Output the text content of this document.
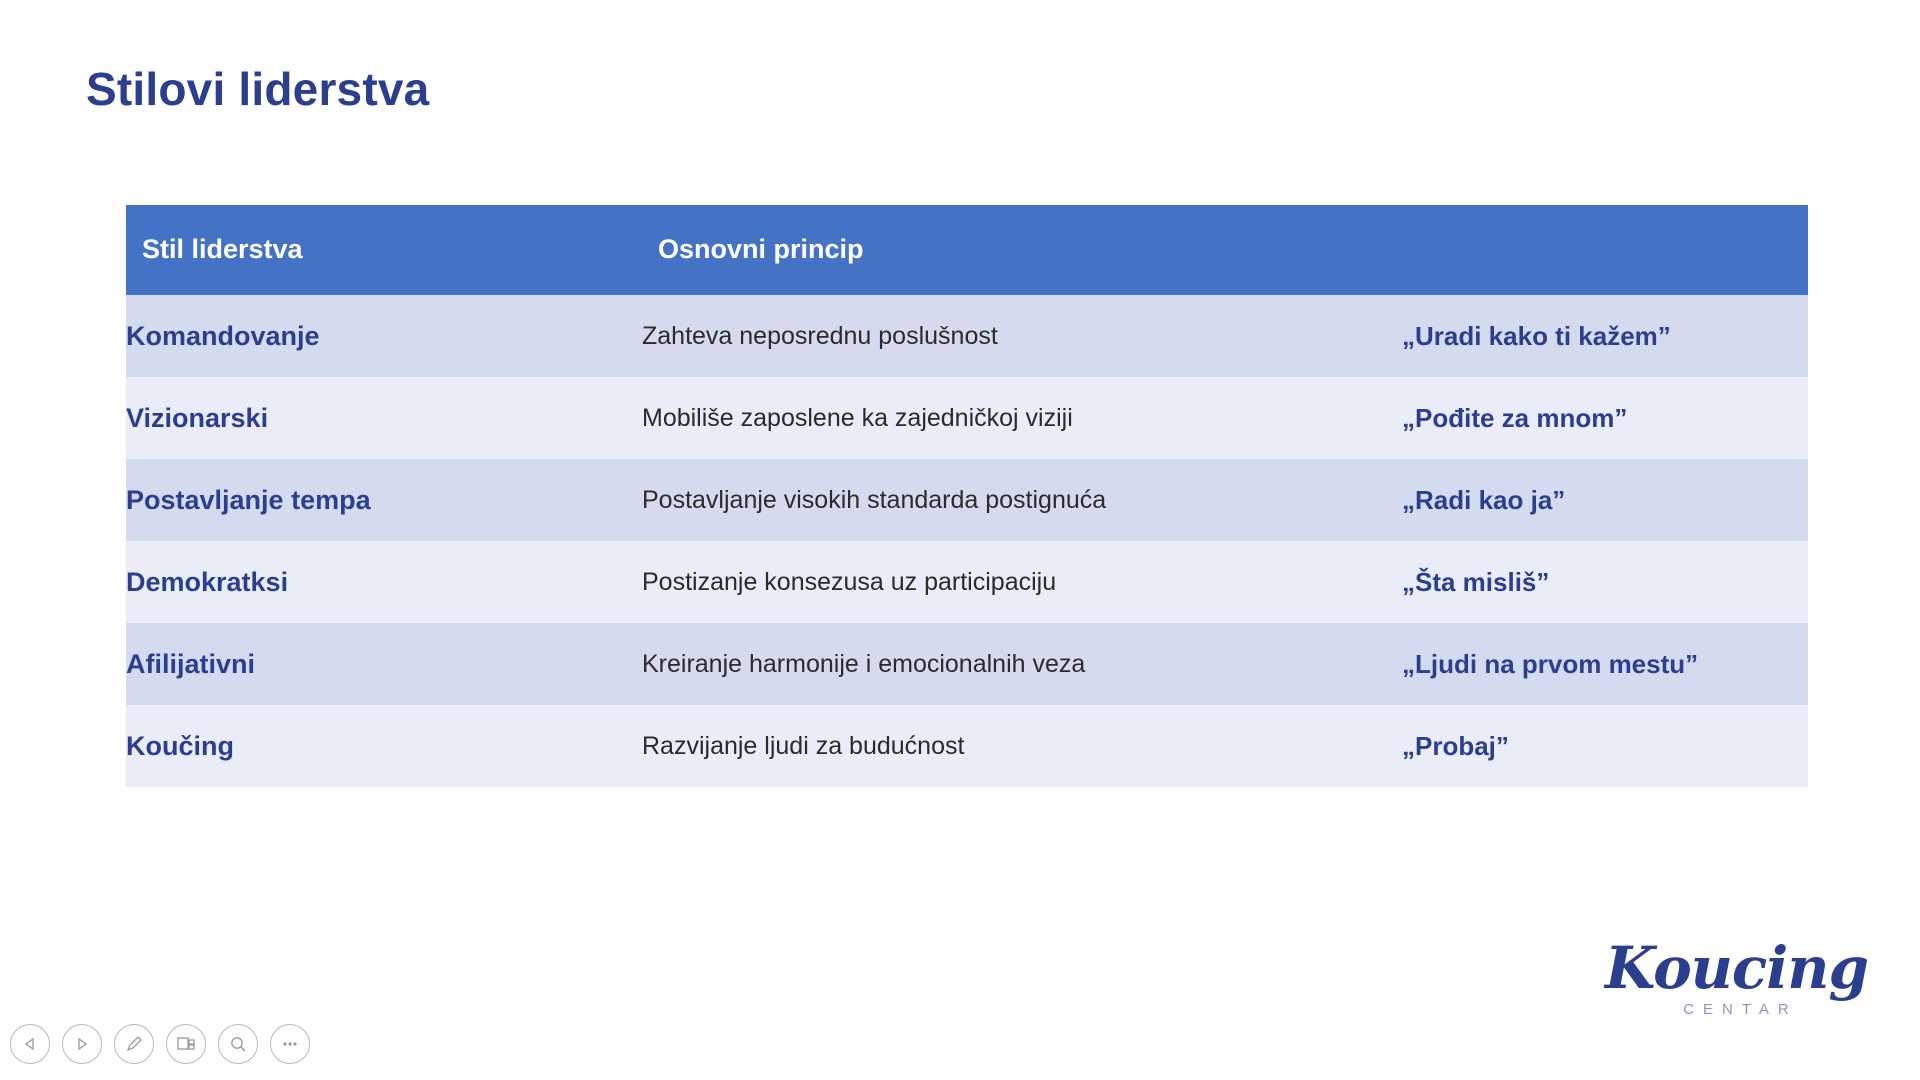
Stilovi liderstva
Stil liderstva	Osnovni princip	
Komandovanje	Zahteva neposrednu poslušnost	„Uradi kako ti kažem”
Vizionarski	Mobiliše zaposlene ka zajedničkoj viziji	„Pođite za mnom”
Postavljanje tempa	Postavljanje visokih standarda postignuća	„Radi kao ja”
Demokratksi	Postizanje konsezusa uz participaciju	„Šta misliš”
Afilijativni	Kreiranje harmonije i emocionalnih veza	„Ljudi na prvom mestu”
Koučing	Razvijanje ljudi za budućnost	„Probaj”
Koucing
CENTAR
